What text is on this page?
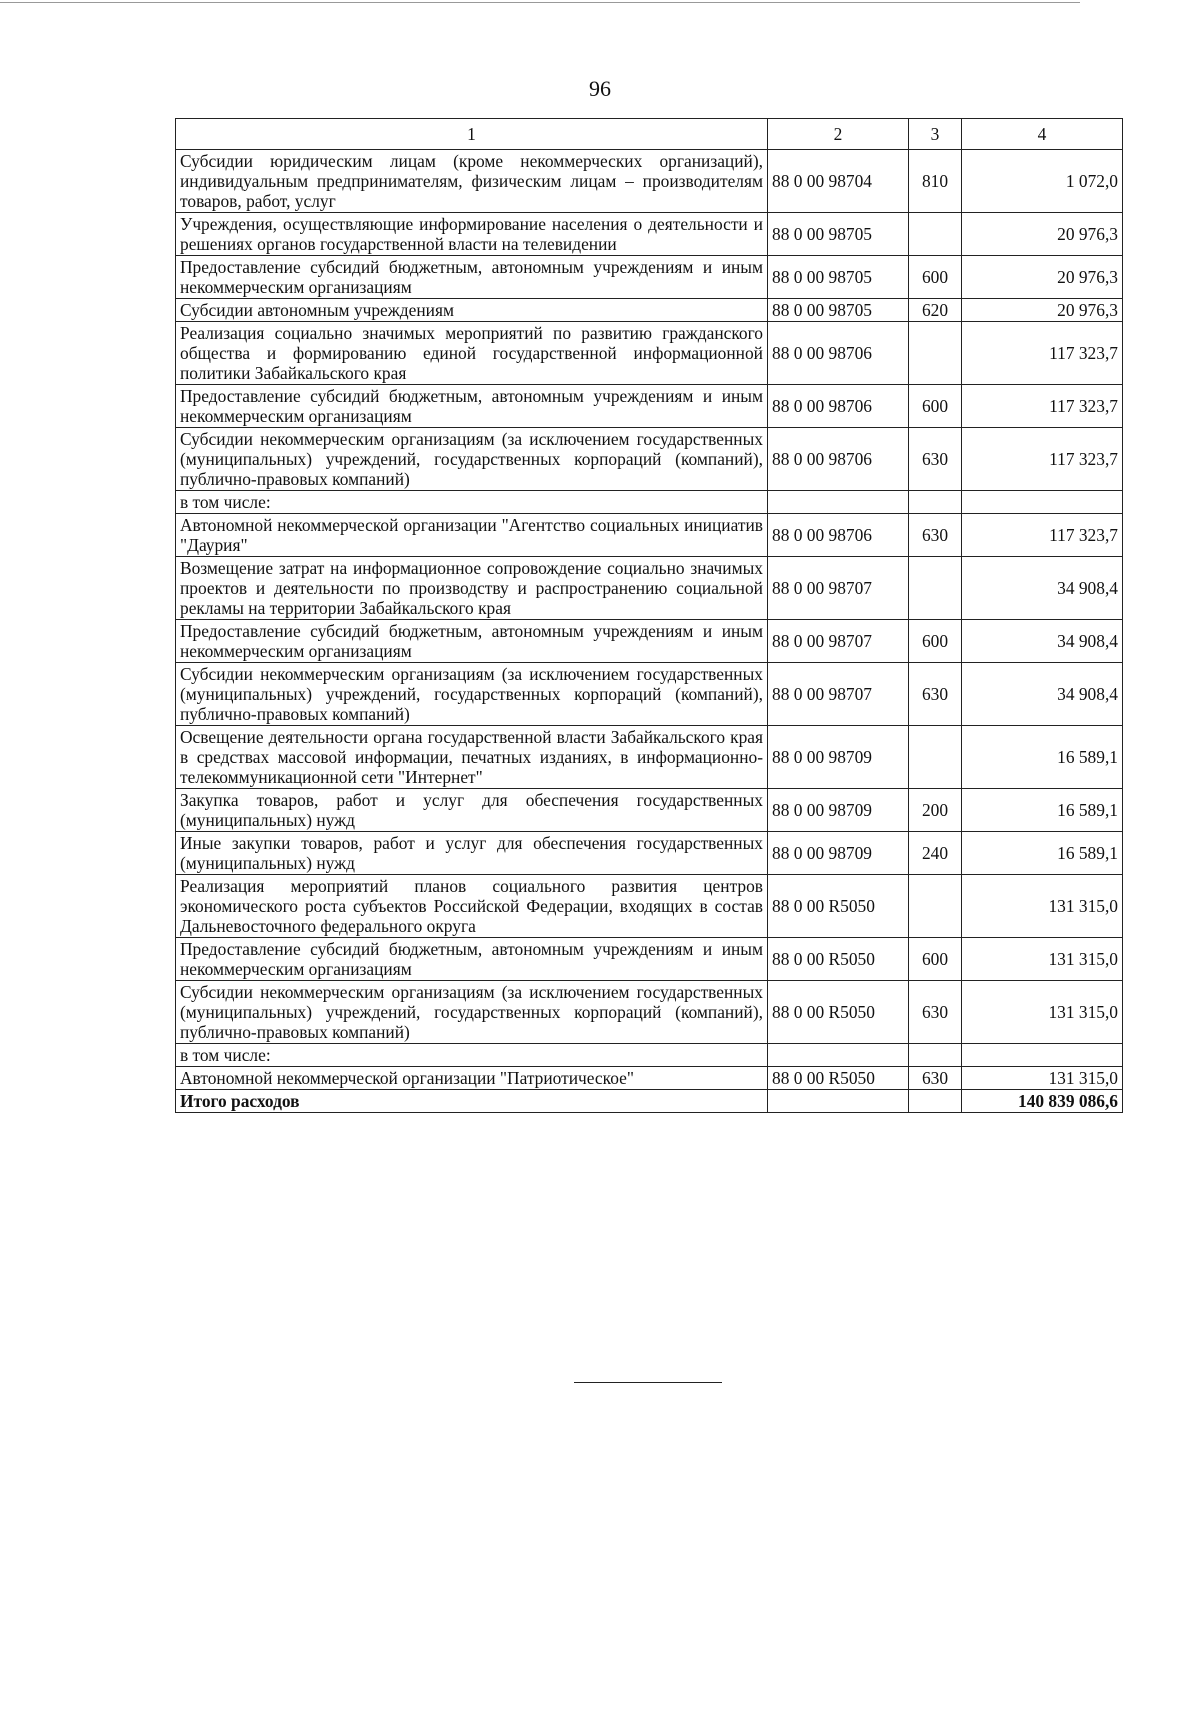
96
1	2	3	4
Субсидии юридическим лицам (кроме некоммерческих организаций), индивидуальным предпринимателям, физическим лицам – производителям товаров, работ, услуг	88 0 00 98704	810	1 072,0
Учреждения, осуществляющие информирование населения о деятельности и решениях органов государственной власти на телевидении	88 0 00 98705		20 976,3
Предоставление субсидий бюджетным, автономным учреждениям и иным некоммерческим организациям	88 0 00 98705	600	20 976,3
Субсидии автономным учреждениям	88 0 00 98705	620	20 976,3
Реализация социально значимых мероприятий по развитию гражданского общества и формированию единой государственной информационной политики Забайкальского края	88 0 00 98706		117 323,7
Предоставление субсидий бюджетным, автономным учреждениям и иным некоммерческим организациям	88 0 00 98706	600	117 323,7
Субсидии некоммерческим организациям (за исключением государственных (муниципальных) учреждений, государственных корпораций (компаний), публично-правовых компаний)	88 0 00 98706	630	117 323,7
в том числе:			
Автономной некоммерческой организации "Агентство социальных инициатив "Даурия"	88 0 00 98706	630	117 323,7
Возмещение затрат на информационное сопровождение социально значимых проектов и деятельности по производству и распространению социальной рекламы на территории Забайкальского края	88 0 00 98707		34 908,4
Предоставление субсидий бюджетным, автономным учреждениям и иным некоммерческим организациям	88 0 00 98707	600	34 908,4
Субсидии некоммерческим организациям (за исключением государственных (муниципальных) учреждений, государственных корпораций (компаний), публично-правовых компаний)	88 0 00 98707	630	34 908,4
Освещение деятельности органа государственной власти Забайкальского края в средствах массовой информации, печатных изданиях, в информационно-телекоммуникационной сети "Интернет"	88 0 00 98709		16 589,1
Закупка товаров, работ и услуг для обеспечения государственных (муниципальных) нужд	88 0 00 98709	200	16 589,1
Иные закупки товаров, работ и услуг для обеспечения государственных (муниципальных) нужд	88 0 00 98709	240	16 589,1
Реализация мероприятий планов социального развития центров экономического роста субъектов Российской Федерации, входящих в состав Дальневосточного федерального округа	88 0 00 R5050		131 315,0
Предоставление субсидий бюджетным, автономным учреждениям и иным некоммерческим организациям	88 0 00 R5050	600	131 315,0
Субсидии некоммерческим организациям (за исключением государственных (муниципальных) учреждений, государственных корпораций (компаний), публично-правовых компаний)	88 0 00 R5050	630	131 315,0
в том числе:			
Автономной некоммерческой организации "Патриотическое"	88 0 00 R5050	630	131 315,0
Итого расходов			140 839 086,6
